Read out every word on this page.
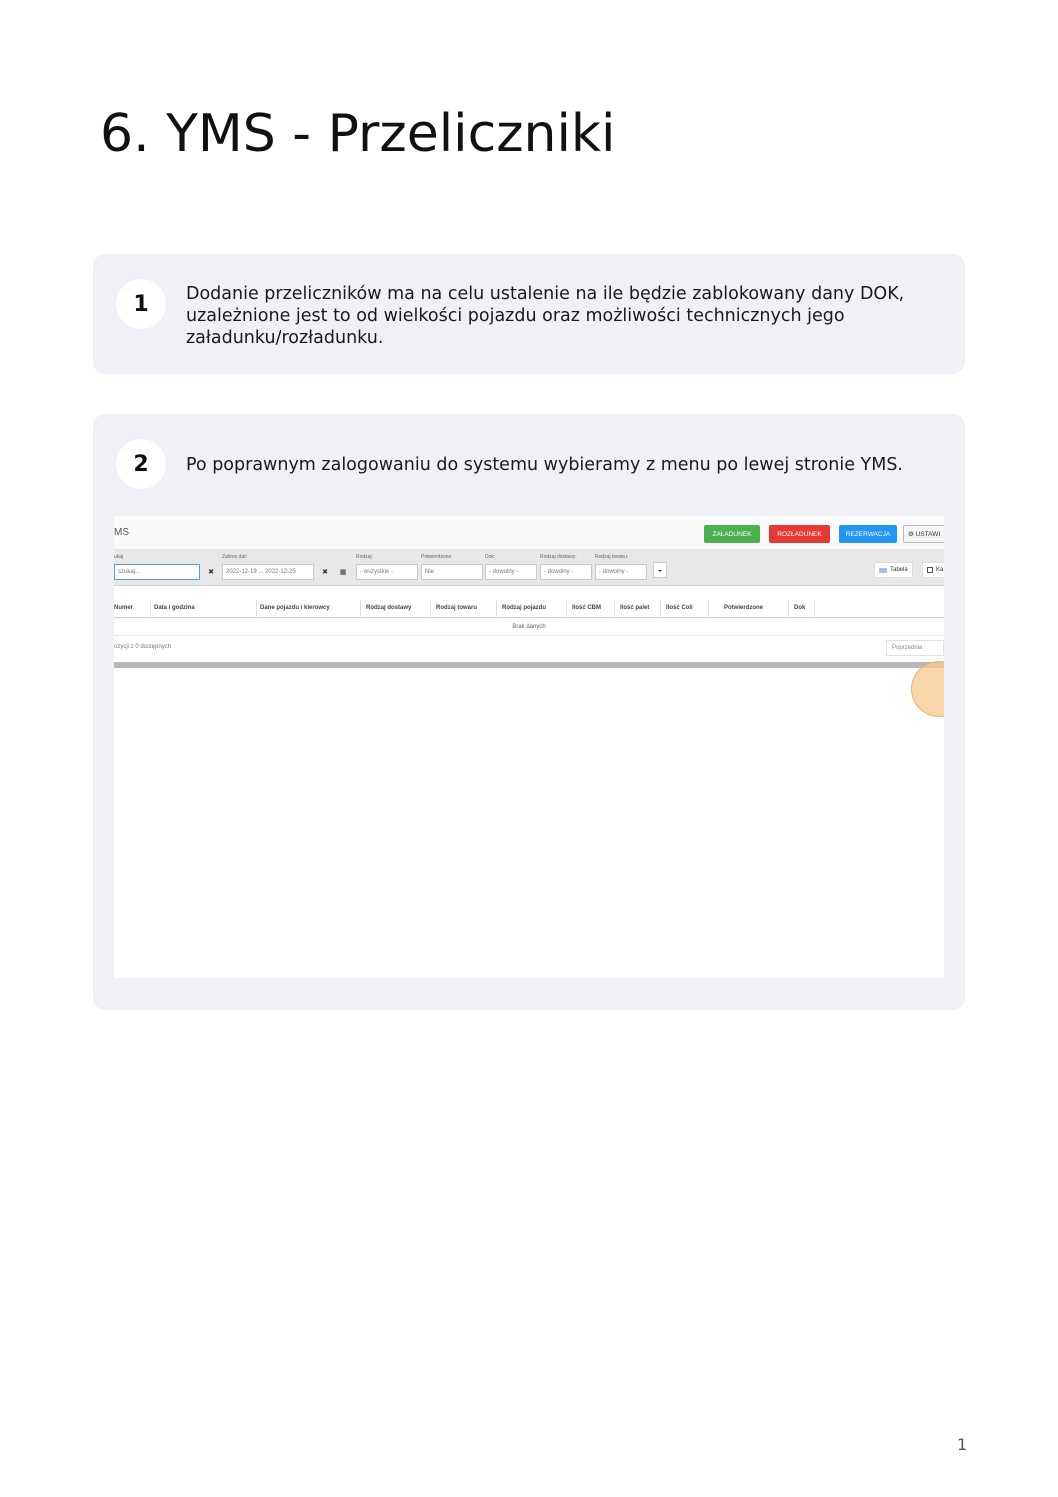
6. YMS - Przeliczniki
1	Dodanie przeliczników ma na celu ustalenie na ile będzie zablokowany dany DOK, uzależnione jest to od wielkości pojazdu oraz możliwości technicznych jego załadunku/rozładunku.

2	Po poprawnym zalogowaniu do systemu wybieramy z menu po lewej stronie YMS.

MS	ZAŁADUNEK	ROZŁADUNEK	REZERWACJA	⚙ USTAWI
ukaj
szukaj...	✖
Zakres dat:
2022-12-19 ... 2022-12-25	✖	▦
Rodzaj:
- wszystkie -
Potwierdzone:
Nie
Dok:
- dowolny -
Rodzaj dostawy:
- dowolny -
Rodzaj towaru:
- dowolny -	◒	Tabela	Ka
Numer	Data i godzina	Dane pojazdu i kierowcy	Rodzaj dostawy	Rodzaj towaru	Rodzaj pojazdu	Ilość CBM	Ilość palet	Ilość Coli	Potwierdzone	Dok
Brak danych
ozycji z 0 dostępnych	Poprzednia
1
